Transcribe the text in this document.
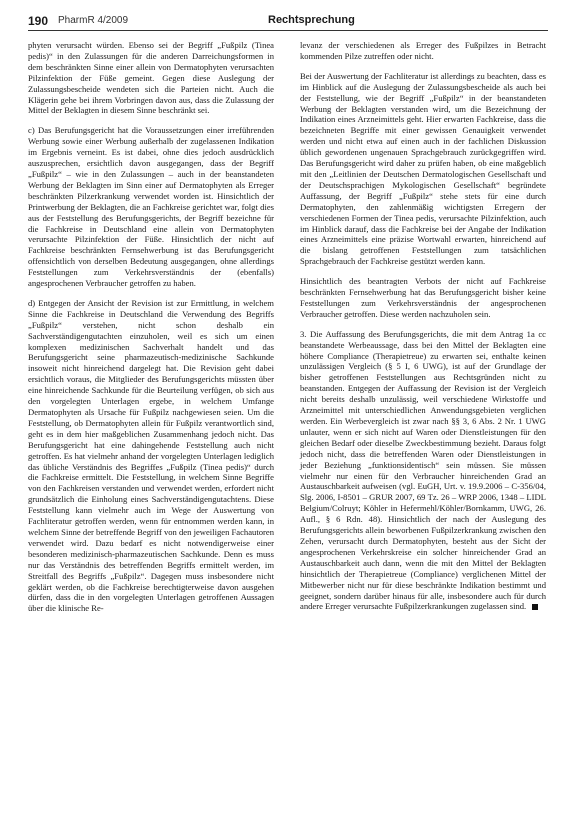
190 PharmR 4/2009	Rechtsprechung

phyten verursacht würden. Ebenso sei der Begriff „Fußpilz (Tinea pedis)“ in den Zulassungen für die anderen Darreichungsformen in dem beschränkten Sinne einer allein von Dermatophyten verursachten Pilzinfektion der Füße gemeint. Gegen diese Auslegung der Zulassungsbescheide wendeten sich die Parteien nicht. Auch die Klägerin gehe bei ihrem Vorbringen davon aus, dass die Zulassung der Mittel der Beklagten in diesem Sinne beschränkt sei.

c) Das Berufungsgericht hat die Voraussetzungen einer irreführenden Werbung sowie einer Werbung außerhalb der zugelassenen Indikation im Ergebnis verneint. Es ist dabei, ohne dies jedoch ausdrücklich auszusprechen, ersichtlich davon ausgegangen, dass der Begriff „Fußpilz“ – wie in den Zulassungen – auch in der beanstandeten Werbung der Beklagten im Sinn einer auf Dermatophyten als Erreger beschränkten Pilzerkrankung verwendet worden ist. Hinsichtlich der Printwerbung der Beklagten, die an Fachkreise gerichtet war, folgt dies aus der Feststellung des Berufungsgerichts, der Begriff bezeichne für die Fachkreise in Deutschland eine allein von Dermatophyten verursachte Pilzinfektion der Füße. Hinsichtlich der nicht auf Fachkreise beschränkten Fernsehwerbung ist das Berufungsgericht offensichtlich von derselben Bedeutung ausgegangen, ohne allerdings Feststellungen zum Verkehrsverständnis der (ebenfalls) angesprochenen Verbraucher getroffen zu haben.

d) Entgegen der Ansicht der Revision ist zur Ermittlung, in welchem Sinne die Fachkreise in Deutschland die Verwendung des Begriffs „Fußpilz“ verstehen, nicht schon deshalb ein Sachverständigengutachten einzuholen, weil es sich um einen komplexen medizinischen Sachverhalt handelt und das Berufungsgericht seine pharmazeutisch-medizinische Sachkunde insoweit nicht hinreichend dargelegt hat. Die Revision geht dabei ersichtlich voraus, die Mitglieder des Berufungsgerichts müssten über eine hinreichende Sachkunde für die Beurteilung verfügen, ob sich aus den vorgelegten Unterlagen ergebe, in welchem Umfange Dermatophyten als Ursache für Fußpilz nachgewiesen seien. Um die Feststellung, ob Dermatophyten allein für Fußpilz verantwortlich sind, geht es in dem hier maßgeblichen Zusammenhang jedoch nicht. Das Berufungsgericht hat eine dahingehende Feststellung auch nicht getroffen. Es hat vielmehr anhand der vorgelegten Unterlagen lediglich das übliche Verständnis des Begriffes „Fußpilz (Tinea pedis)“ durch die Fachkreise ermittelt. Die Feststellung, in welchem Sinne Begriffe von den Fachkreisen verstanden und verwendet werden, erfordert nicht grundsätzlich die Einholung eines Sachverständigengutachtens. Diese Feststellung kann vielmehr auch im Wege der Auswertung von Fachliteratur getroffen werden, wenn für entnommen werden kann, in welchem Sinne der betreffende Begriff von den jeweiligen Fachautoren verwendet wird. Dazu bedarf es nicht notwendigerweise einer besonderen medizinisch-pharmazeutischen Sachkunde. Denn es muss nur das Verständnis des betreffenden Begriffs ermittelt werden, im Streitfall des Begriffs „Fußpilz“. Dagegen muss insbesondere nicht geklärt werden, ob die Fachkreise berechtigterweise davon ausgehen dürfen, dass die in den vorgelegten Unterlagen getroffenen Aussagen über die klinische Re-

levanz der verschiedenen als Erreger des Fußpilzes in Betracht kommenden Pilze zutreffen oder nicht.

Bei der Auswertung der Fachliteratur ist allerdings zu beachten, dass es im Hinblick auf die Auslegung der Zulassungsbescheide als auch bei der Feststellung, wie der Begriff „Fußpilz“ in der beanstandeten Werbung der Beklagten verstanden wird, um die Bezeichnung der Indikation eines Arzneimittels geht. Hier erwarten Fachkreise, dass die bezeichneten Begriffe mit einer gewissen Genauigkeit verwendet werden und nicht etwa auf einen auch in der fachlichen Diskussion üblich gewordenen ungenauen Sprachgebrauch zurückgegriffen wird. Das Berufungsgericht wird daher zu prüfen haben, ob eine maßgeblich mit den „Leitlinien der Deutschen Dermatologischen Gesellschaft und der Deutschsprachigen Mykologischen Gesellschaft“ begründete Auffassung, der Begriff „Fußpilz“ stehe stets für eine durch Dermatophyten, den zahlenmäßig wichtigsten Erregern der verschiedenen Formen der Tinea pedis, verursachte Pilzinfektion, auch im Hinblick darauf, dass die Fachkreise bei der Angabe der Indikation eines Arzneimittels eine präzise Wortwahl erwarten, hinreichend auf die bislang getroffenen Feststellungen zum tatsächlichen Sprachgebrauch der Fachkreise gestützt werden kann.

Hinsichtlich des beantragten Verbots der nicht auf Fachkreise beschränkten Fernsehwerbung hat das Berufungsgericht bisher keine Feststellungen zum Verkehrsverständnis der angesprochenen Verbraucher getroffen. Diese werden nachzuholen sein.

3. Die Auffassung des Berufungsgerichts, die mit dem Antrag 1a cc beanstandete Werbeaussage, dass bei den Mittel der Beklagten eine höhere Compliance (Therapietreue) zu erwarten sei, enthalte keinen unzulässigen Vergleich (§ 5 I, 6 UWG), ist auf der Grundlage der bisher getroffenen Feststellungen aus Rechtsgründen nicht zu beanstanden. Entgegen der Auffassung der Revision ist der Vergleich nicht bereits deshalb unzulässig, weil verschiedene Wirkstoffe und Arzneimittel mit unterschiedlichen Anwendungsgebieten verglichen werden. Ein Werbevergleich ist zwar nach §§ 3, 6 Abs. 2 Nr. 1 UWG unlauter, wenn er sich nicht auf Waren oder Dienstleistungen für den gleichen Bedarf oder dieselbe Zweckbestimmung bezieht. Daraus folgt jedoch nicht, dass die betreffenden Waren oder Dienstleistungen in jeder Beziehung „funktionsidentisch“ sein müssen. Sie müssen vielmehr nur einen für den Verbraucher hinreichenden Grad an Austauschbarkeit aufweisen (vgl. EuGH, Urt. v. 19.9.2006 – C-356/04, Slg. 2006, I-8501 – GRUR 2007, 69 Tz. 26 – WRP 2006, 1348 – LIDL Belgium/Colruyt; Köhler in Hefermehl/Köhler/Bornkamm, UWG, 26. Aufl., § 6 Rdn. 48). Hinsichtlich der nach der Auslegung des Berufungsgerichts allein beworbenen Fußpilzerkrankung zwischen den Zehen, verursacht durch Dermatophyten, besteht aus der Sicht der angesprochenen Verkehrskreise ein solcher hinreichender Grad an Austauschbarkeit auch dann, wenn die mit den Mittel der Beklagten hinsichtlich der Therapietreue (Compliance) verglichenen Mittel der Mitbewerber nicht nur für diese beschränkte Indikation bestimmt und geeignet, sondern darüber hinaus für alle, insbesondere auch für durch andere Erreger verursachte Fußpilzerkrankungen zugelassen sind.
